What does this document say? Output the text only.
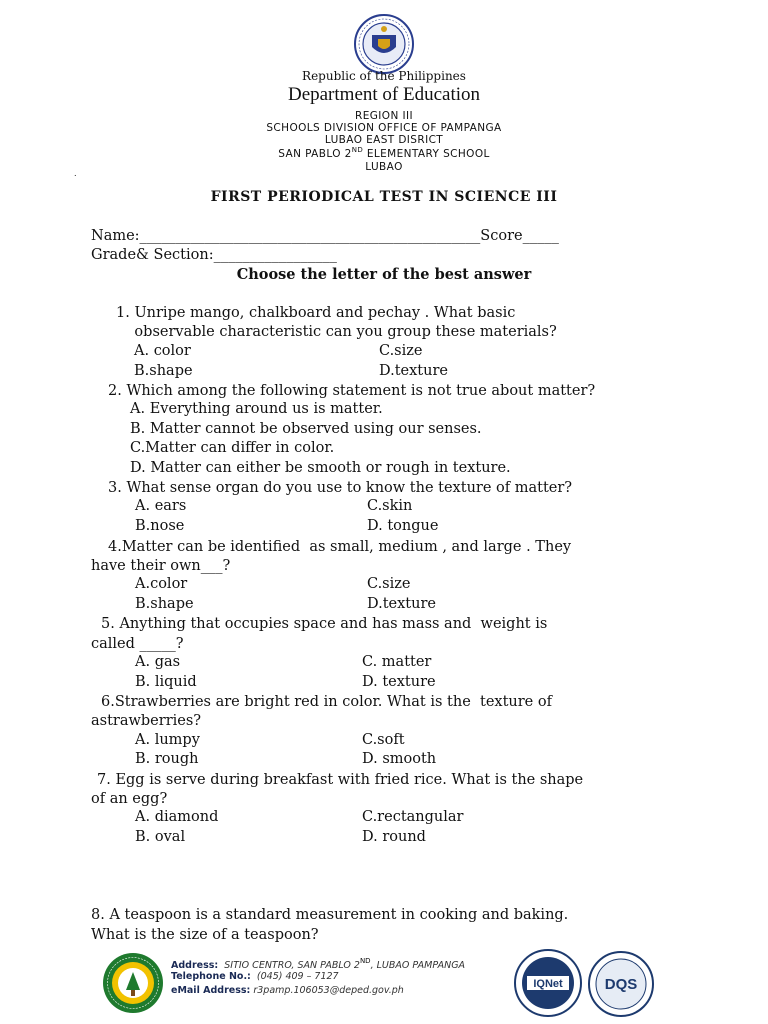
Republic of the Philippines
Department of Education
REGION III
SCHOOLS DIVISION OFFICE OF PAMPANGA
LUBAO EAST DISRICT
SAN PABLO 2ND ELEMENTARY SCHOOL
LUBAO
.
FIRST PERIODICAL TEST IN SCIENCE III
Name:_______________________________________________Score_____
Grade& Section:_________________
Choose the letter of the best answer
1. Unripe mango, chalkboard and pechay . What basic
observable characteristic can you group these materials?
A. color	C.size
B.shape	D.texture
2. Which among the following statement is not true about matter?
A. Everything around us is matter.
B. Matter cannot be observed using our senses.
C.Matter can differ in color.
D. Matter can either be smooth or rough in texture.
3. What sense organ do you use to know the texture of matter?
A. ears	C.skin
B.nose	D. tongue
4.Matter can be identified  as small, medium , and large . They
have their own___?
A.color	C.size
B.shape	D.texture
5. Anything that occupies space and has mass and  weight is
called _____?
A. gas	C. matter
B. liquid	D. texture
6.Strawberries are bright red in color. What is the  texture of
astrawberries?
A. lumpy	C.soft
B. rough	D. smooth
7. Egg is serve during breakfast with fried rice. What is the shape
of an egg?
A. diamond	C.rectangular
B. oval	D. round
8. A teaspoon is a standard measurement in cooking and baking.
What is the size of a teaspoon?
Address: SITIO CENTRO, SAN PABLO 2ND, LUBAO PAMPANGA
Telephone No.: (045) 409 – 7127
eMail Address: r3pamp.106053@deped.gov.ph
IQNet	DQS
